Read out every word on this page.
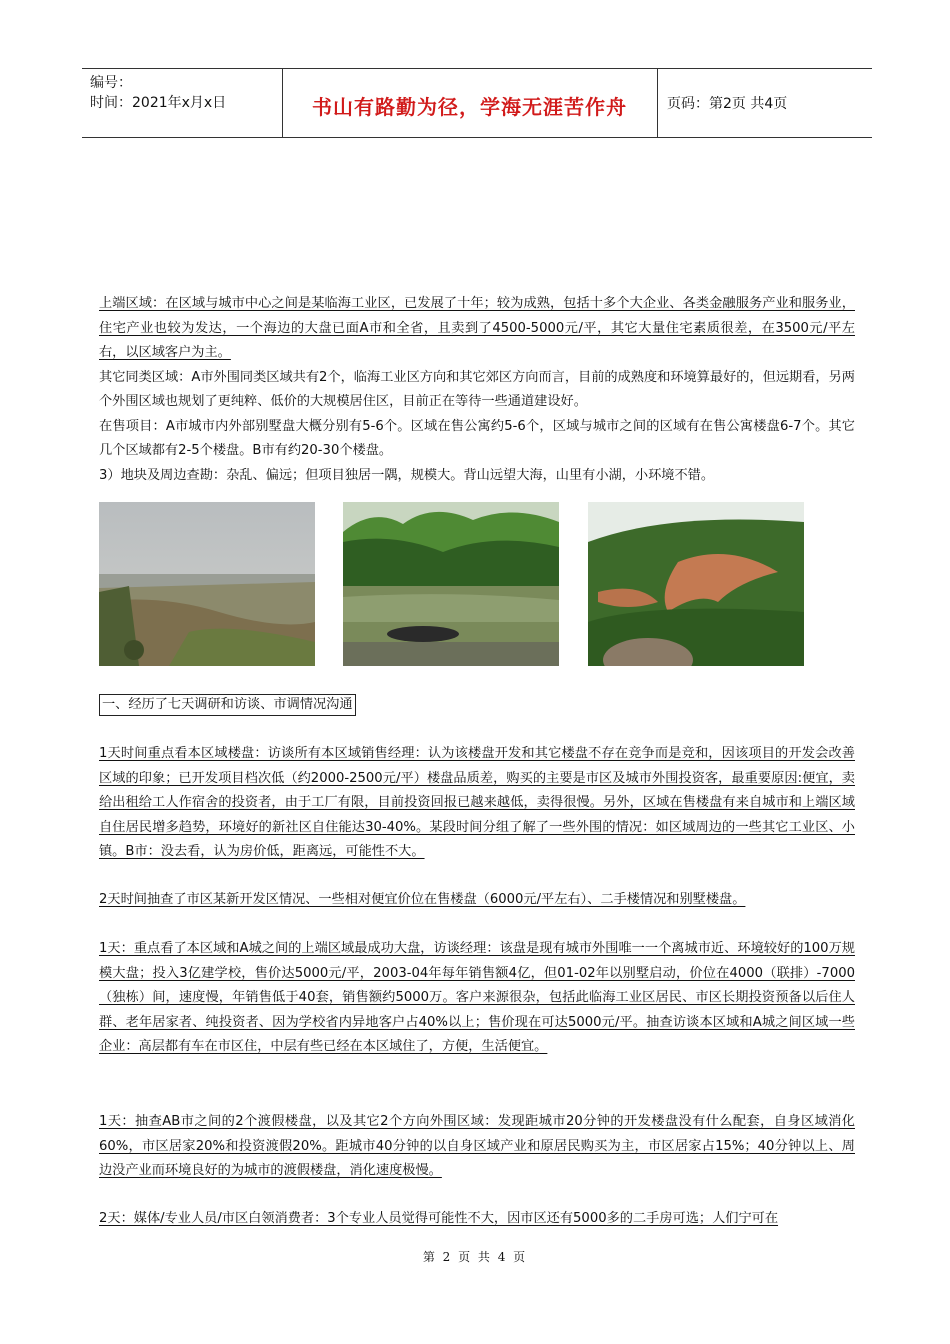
编号：
时间：2021年x月x日	书山有路勤为径，学海无涯苦作舟	页码：第2页 共4页

上端区域：在区域与城市中心之间是某临海工业区，已发展了十年；较为成熟，包括十多个大企业、各类金融服务产业和服务业，住宅产业也较为发达，一个海边的大盘已面A市和全省，且卖到了4500-5000元/平，其它大量住宅素质很差，在3500元/平左右，以区域客户为主。

其它同类区域：A市外围同类区域共有2个，临海工业区方向和其它郊区方向而言，目前的成熟度和环境算最好的，但远期看，另两个外围区域也规划了更纯粹、低价的大规模居住区，目前正在等待一些通道建设好。

在售项目：A市城市内外部别墅盘大概分别有5-6个。区域在售公寓约5-6个，区域与城市之间的区域有在售公寓楼盘6-7个。其它几个区域都有2-5个楼盘。B市有约20-30个楼盘。

3）地块及周边查勘：杂乱、偏远；但项目独居一隅，规模大。背山远望大海，山里有小湖，小环境不错。

一、经历了七天调研和访谈、市调情况沟通

1天时间重点看本区域楼盘：访谈所有本区域销售经理：认为该楼盘开发和其它楼盘不存在竞争而是竞和，因该项目的开发会改善区域的印象；已开发项目档次低（约2000-2500元/平）楼盘品质差，购买的主要是市区及城市外围投资客，最重要原因:便宜，卖给出租给工人作宿舍的投资者，由于工厂有限，目前投资回报已越来越低，卖得很慢。另外，区域在售楼盘有来自城市和上端区域自住居民增多趋势，环境好的新社区自住能达30-40%。某段时间分组了解了一些外围的情况：如区域周边的一些其它工业区、小镇。B市：没去看，认为房价低，距离远，可能性不大。

2天时间抽查了市区某新开发区情况、一些相对便宜价位在售楼盘（6000元/平左右）、二手楼情况和别墅楼盘。

1天：重点看了本区域和A城之间的上端区域最成功大盘，访谈经理：该盘是现有城市外围唯一一个离城市近、环境较好的100万规模大盘；投入3亿建学校，售价达5000元/平，2003-04年每年销售额4亿，但01-02年以别墅启动，价位在4000（联排）-7000（独栋）间，速度慢，年销售低于40套，销售额约5000万。客户来源很杂，包括此临海工业区居民、市区长期投资预备以后住人群、老年居家者、纯投资者、因为学校省内异地客户占40%以上；售价现在可达5000元/平。抽查访谈本区域和A城之间区域一些企业：高层都有车在市区住，中层有些已经在本区域住了，方便，生活便宜。

1天：抽查AB市之间的2个渡假楼盘，以及其它2个方向外围区域：发现距城市20分钟的开发楼盘没有什么配套，自身区域消化60%，市区居家20%和投资渡假20%。距城市40分钟的以自身区域产业和原居民购买为主，市区居家占15%；40分钟以上、周边没产业而环境良好的为城市的渡假楼盘，消化速度极慢。

2天：媒体/专业人员/市区白领消费者：3个专业人员觉得可能性不大，因市区还有5000多的二手房可选；人们宁可在

第 2 页 共 4 页
